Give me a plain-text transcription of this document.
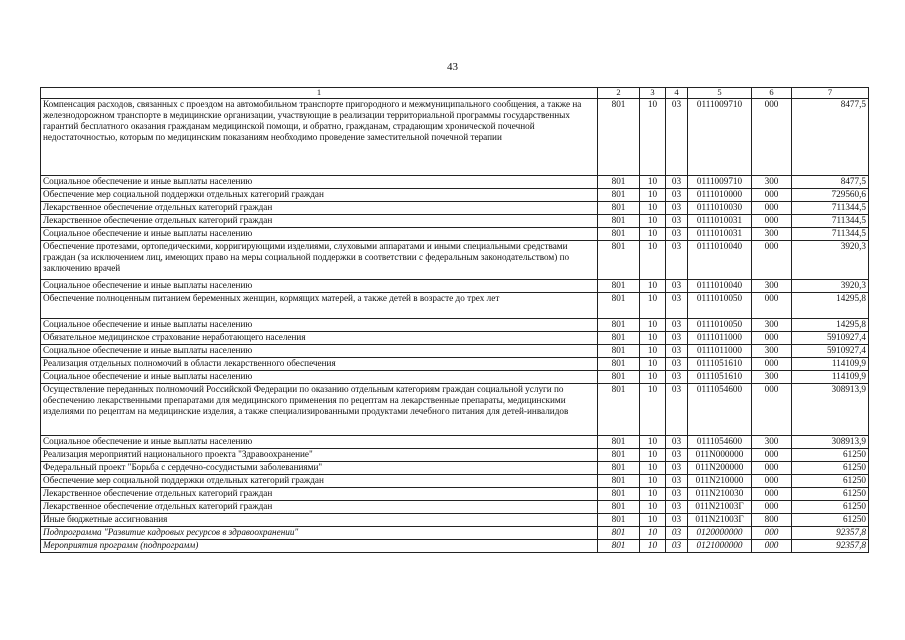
43
1	2	3	4	5	6	7
Компенсация расходов, связанных с проездом на автомобильном транспорте пригородного и межмуниципального сообщения, а также на железнодорожном транспорте в медицинские организации, участвующие в реализации территориальной программы государственных гарантий бесплатного оказания гражданам медицинской помощи, и обратно, гражданам, страдающим хронической почечной недостаточностью, которым по медицинским показаниям необходимо проведение заместительной почечной терапии	801	10	03	0111009710	000	8477,5
Социальное обеспечение и иные выплаты населению	801	10	03	0111009710	300	8477,5
Обеспечение мер социальной поддержки отдельных категорий граждан	801	10	03	0111010000	000	729560,6
Лекарственное обеспечение отдельных категорий граждан	801	10	03	0111010030	000	711344,5
Лекарственное обеспечение отдельных категорий граждан	801	10	03	0111010031	000	711344,5
Социальное обеспечение и иные выплаты населению	801	10	03	0111010031	300	711344,5
Обеспечение протезами, ортопедическими, корригирующими изделиями, слуховыми аппаратами и иными специальными средствами граждан (за исключением лиц, имеющих право на меры социальной поддержки в соответствии с федеральным законодательством) по заключению врачей	801	10	03	0111010040	000	3920,3
Социальное обеспечение и иные выплаты населению	801	10	03	0111010040	300	3920,3
Обеспечение полноценным питанием беременных женщин, кормящих матерей, а также детей в возрасте до трех лет	801	10	03	0111010050	000	14295,8
Социальное обеспечение и иные выплаты населению	801	10	03	0111010050	300	14295,8
Обязательное медицинское страхование неработающего населения	801	10	03	0111011000	000	5910927,4
Социальное обеспечение и иные выплаты населению	801	10	03	0111011000	300	5910927,4
Реализация отдельных полномочий в области лекарственного обеспечения	801	10	03	0111051610	000	114109,9
Социальное обеспечение и иные выплаты населению	801	10	03	0111051610	300	114109,9
Осуществление переданных полномочий Российской Федерации по оказанию отдельным категориям граждан социальной услуги по обеспечению лекарственными препаратами для медицинского применения по рецептам на лекарственные препараты, медицинскими изделиями по рецептам на медицинские изделия, а также специализированными продуктами лечебного питания для детей-инвалидов	801	10	03	0111054600	000	308913,9
Социальное обеспечение и иные выплаты населению	801	10	03	0111054600	300	308913,9
Реализация мероприятий национального проекта "Здравоохранение"	801	10	03	011N000000	000	61250
Федеральный проект "Борьба с сердечно-сосудистыми заболеваниями"	801	10	03	011N200000	000	61250
Обеспечение мер социальной поддержки отдельных категорий граждан	801	10	03	011N210000	000	61250
Лекарственное обеспечение отдельных категорий граждан	801	10	03	011N210030	000	61250
Лекарственное обеспечение отдельных категорий граждан	801	10	03	011N21003Г	000	61250
Иные бюджетные ассигнования	801	10	03	011N21003Г	800	61250
Подпрограмма "Развитие кадровых ресурсов в здравоохранении"	801	10	03	0120000000	000	92357,8
Мероприятия программ (подпрограмм)	801	10	03	0121000000	000	92357,8
